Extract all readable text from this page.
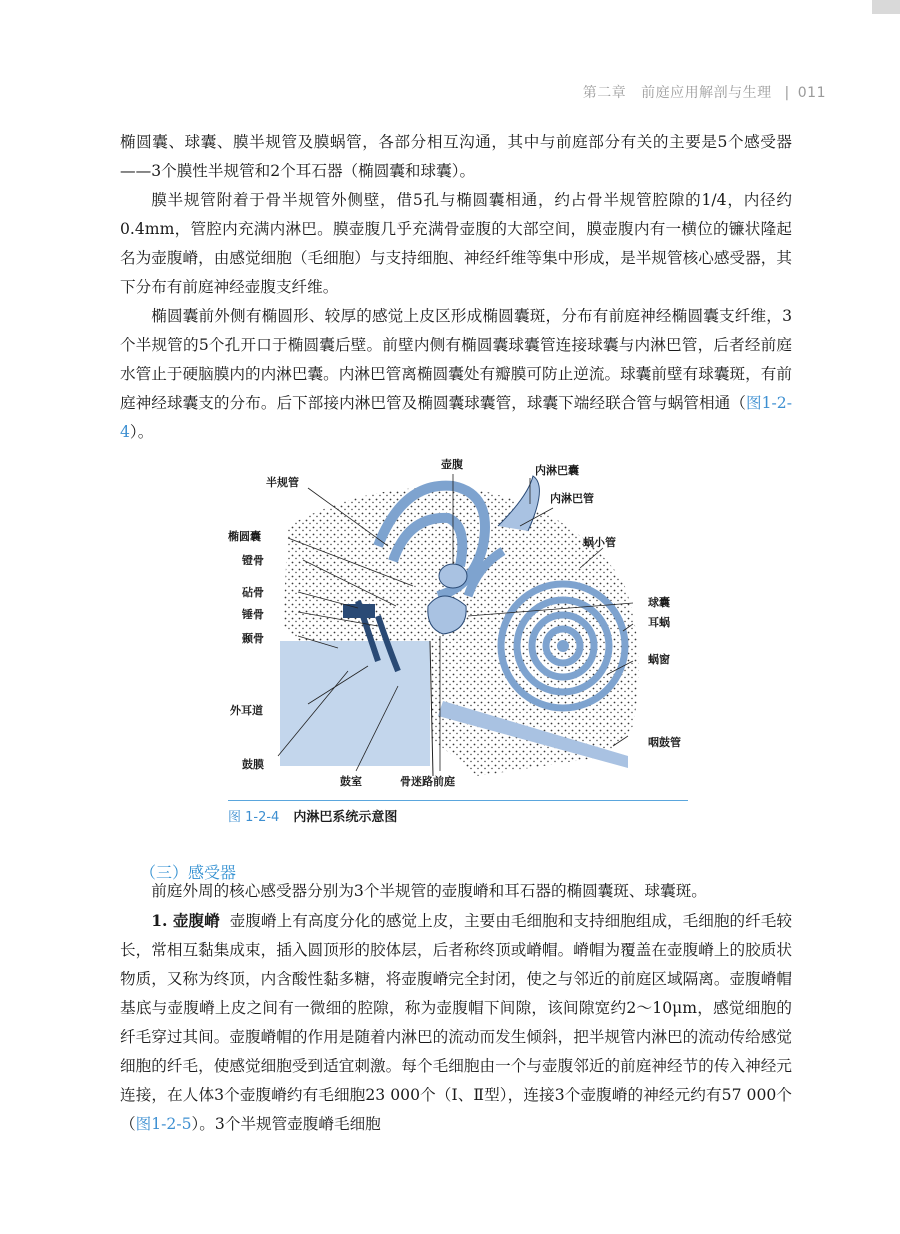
第二章 前庭应用解剖与生理 | 011

椭圆囊、球囊、膜半规管及膜蜗管，各部分相互沟通，其中与前庭部分有关的主要是5个感受器——3个膜性半规管和2个耳石器（椭圆囊和球囊）。

膜半规管附着于骨半规管外侧壁，借5孔与椭圆囊相通，约占骨半规管腔隙的1/4，内径约0.4mm，管腔内充满内淋巴。膜壶腹几乎充满骨壶腹的大部空间，膜壶腹内有一横位的镰状隆起名为壶腹嵴，由感觉细胞（毛细胞）与支持细胞、神经纤维等集中形成，是半规管核心感受器，其下分布有前庭神经壶腹支纤维。

椭圆囊前外侧有椭圆形、较厚的感觉上皮区形成椭圆囊斑，分布有前庭神经椭圆囊支纤维，3个半规管的5个孔开口于椭圆囊后壁。前壁内侧有椭圆囊球囊管连接球囊与内淋巴管，后者经前庭水管止于硬脑膜内的内淋巴囊。内淋巴管离椭圆囊处有瓣膜可防止逆流。球囊前壁有球囊斑，有前庭神经球囊支的分布。后下部接内淋巴管及椭圆囊球囊管，球囊下端经联合管与蜗管相通（图1-2-4）。

壶腹	内淋巴囊
半规管
内淋巴管
椭圆囊	蜗小管
镫骨
球囊
砧骨
耳蜗
锤骨
蜗窗
颞骨
外耳道
咽鼓管
鼓膜
鼓室	骨迷路前庭
图 1-2-4 内淋巴系统示意图
（三）感受器

前庭外周的核心感受器分别为3个半规管的壶腹嵴和耳石器的椭圆囊斑、球囊斑。

1. 壶腹嵴 壶腹嵴上有高度分化的感觉上皮，主要由毛细胞和支持细胞组成，毛细胞的纤毛较长，常相互黏集成束，插入圆顶形的胶体层，后者称终顶或嵴帽。嵴帽为覆盖在壶腹嵴上的胶质状物质，又称为终顶，内含酸性黏多糖，将壶腹嵴完全封闭，使之与邻近的前庭区域隔离。壶腹嵴帽基底与壶腹嵴上皮之间有一微细的腔隙，称为壶腹帽下间隙，该间隙宽约2～10μm，感觉细胞的纤毛穿过其间。壶腹嵴帽的作用是随着内淋巴的流动而发生倾斜，把半规管内淋巴的流动传给感觉细胞的纤毛，使感觉细胞受到适宜刺激。每个毛细胞由一个与壶腹邻近的前庭神经节的传入神经元连接，在人体3个壶腹嵴约有毛细胞23 000个（Ⅰ、Ⅱ型），连接3个壶腹嵴的神经元约有57 000个（图1-2-5）。3个半规管壶腹嵴毛细胞
